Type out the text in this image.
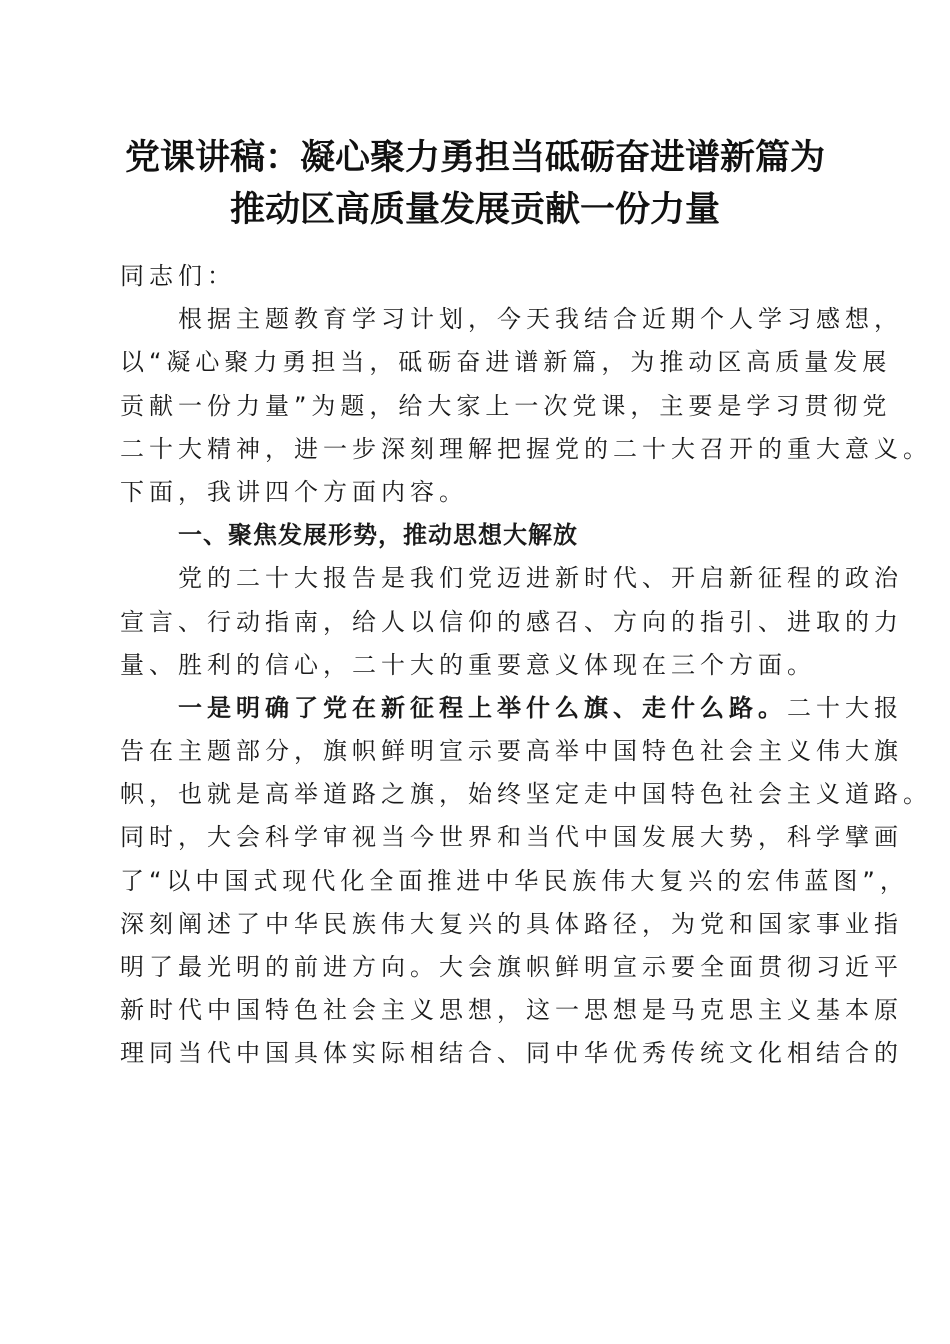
党课讲稿：凝心聚力勇担当砥砺奋进谱新篇为
推动区高质量发展贡献一份力量
同志们：
根据主题教育学习计划，今天我结合近期个人学习感想，
以“凝心聚力勇担当，砥砺奋进谱新篇，为推动区高质量发展
贡献一份力量”为题，给大家上一次党课，主要是学习贯彻党
二十大精神，进一步深刻理解把握党的二十大召开的重大意义。
下面，我讲四个方面内容。
一、聚焦发展形势，推动思想大解放
党的二十大报告是我们党迈进新时代、开启新征程的政治
宣言、行动指南，给人以信仰的感召、方向的指引、进取的力
量、胜利的信心，二十大的重要意义体现在三个方面。
一是明确了党在新征程上举什么旗、走什么路。二十大报
告在主题部分，旗帜鲜明宣示要高举中国特色社会主义伟大旗
帜，也就是高举道路之旗，始终坚定走中国特色社会主义道路。
同时，大会科学审视当今世界和当代中国发展大势，科学擘画
了“以中国式现代化全面推进中华民族伟大复兴的宏伟蓝图”，
深刻阐述了中华民族伟大复兴的具体路径，为党和国家事业指
明了最光明的前进方向。大会旗帜鲜明宣示要全面贯彻习近平
新时代中国特色社会主义思想，这一思想是马克思主义基本原
理同当代中国具体实际相结合、同中华优秀传统文化相结合的
